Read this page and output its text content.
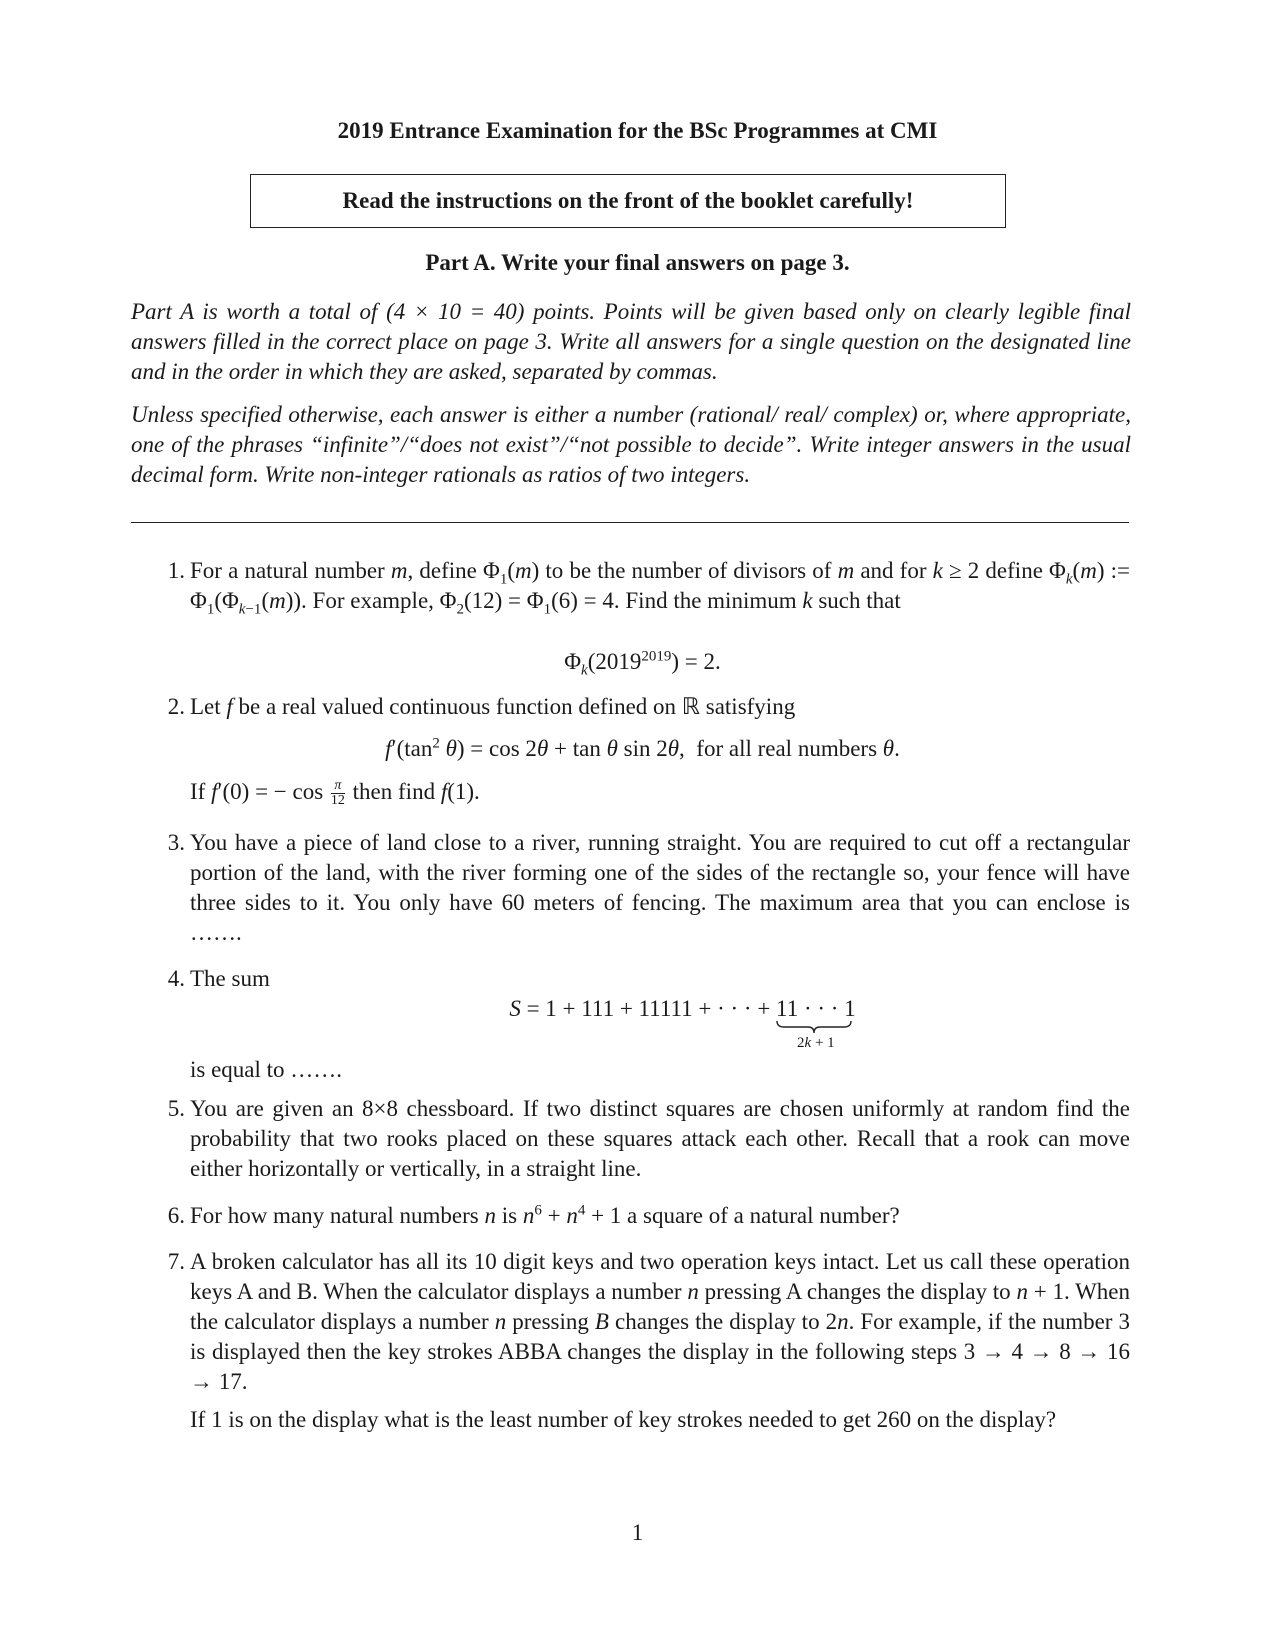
2019 Entrance Examination for the BSc Programmes at CMI
Read the instructions on the front of the booklet carefully!
Part A. Write your final answers on page 3.

Part A is worth a total of (4 × 10 = 40) points. Points will be given based only on clearly legible final answers filled in the correct place on page 3. Write all answers for a single question on the designated line and in the order in which they are asked, separated by commas.

Unless specified otherwise, each answer is either a number (rational/ real/ complex) or, where appropriate, one of the phrases “infinite”/“does not exist”/“not possible to decide”. Write integer answers in the usual decimal form. Write non-integer rationals as ratios of two integers.

1. For a natural number m, define $\Phi_1(m)$ to be the number of divisors of m and for k ≥ 2 define $\Phi_k(m)$ := $\Phi_1(\Phi_{k-1}(m))$. For example, $\Phi_2(12) = \Phi_1(6) = 4$. Find the minimum k such that

$\Phi_k(2019^{2019}) = 2$.
2. Let f be a real valued continuous function defined on ℝ satisfying

$f'(\tan^2$ θ) = cos 2θ + tan θ sin 2θ,  for all real numbers θ.

If f′(0) = − $\cos \frac{\pi}{12}$ then find f(1).

3. You have a piece of land close to a river, running straight. You are required to cut off a rectangular portion of the land, with the river forming one of the sides of the rectangle so, your fence will have three sides to it. You only have 60 meters of fencing. The maximum area that you can enclose is …….

4. The sum

S = 1 + 111 + 11111 + · · · + 11 · · · 1
2k + 1

is equal to …….

5. You are given an 8×8 chessboard. If two distinct squares are chosen uniformly at random find the probability that two rooks placed on these squares attack each other. Recall that a rook can move either horizontally or vertically, in a straight line.

6. For how many natural numbers n is $n^6 + n^4 + 1$ a square of a natural number?

7. A broken calculator has all its 10 digit keys and two operation keys intact. Let us call these operation keys A and B. When the calculator displays a number n pressing A changes the display to n + 1. When the calculator displays a number n pressing B changes the display to 2n. For example, if the number 3 is displayed then the key strokes ABBA changes the display in the following steps 3 → 4 → 8 → 16 → 17.

If 1 is on the display what is the least number of key strokes needed to get 260 on the display?

1
